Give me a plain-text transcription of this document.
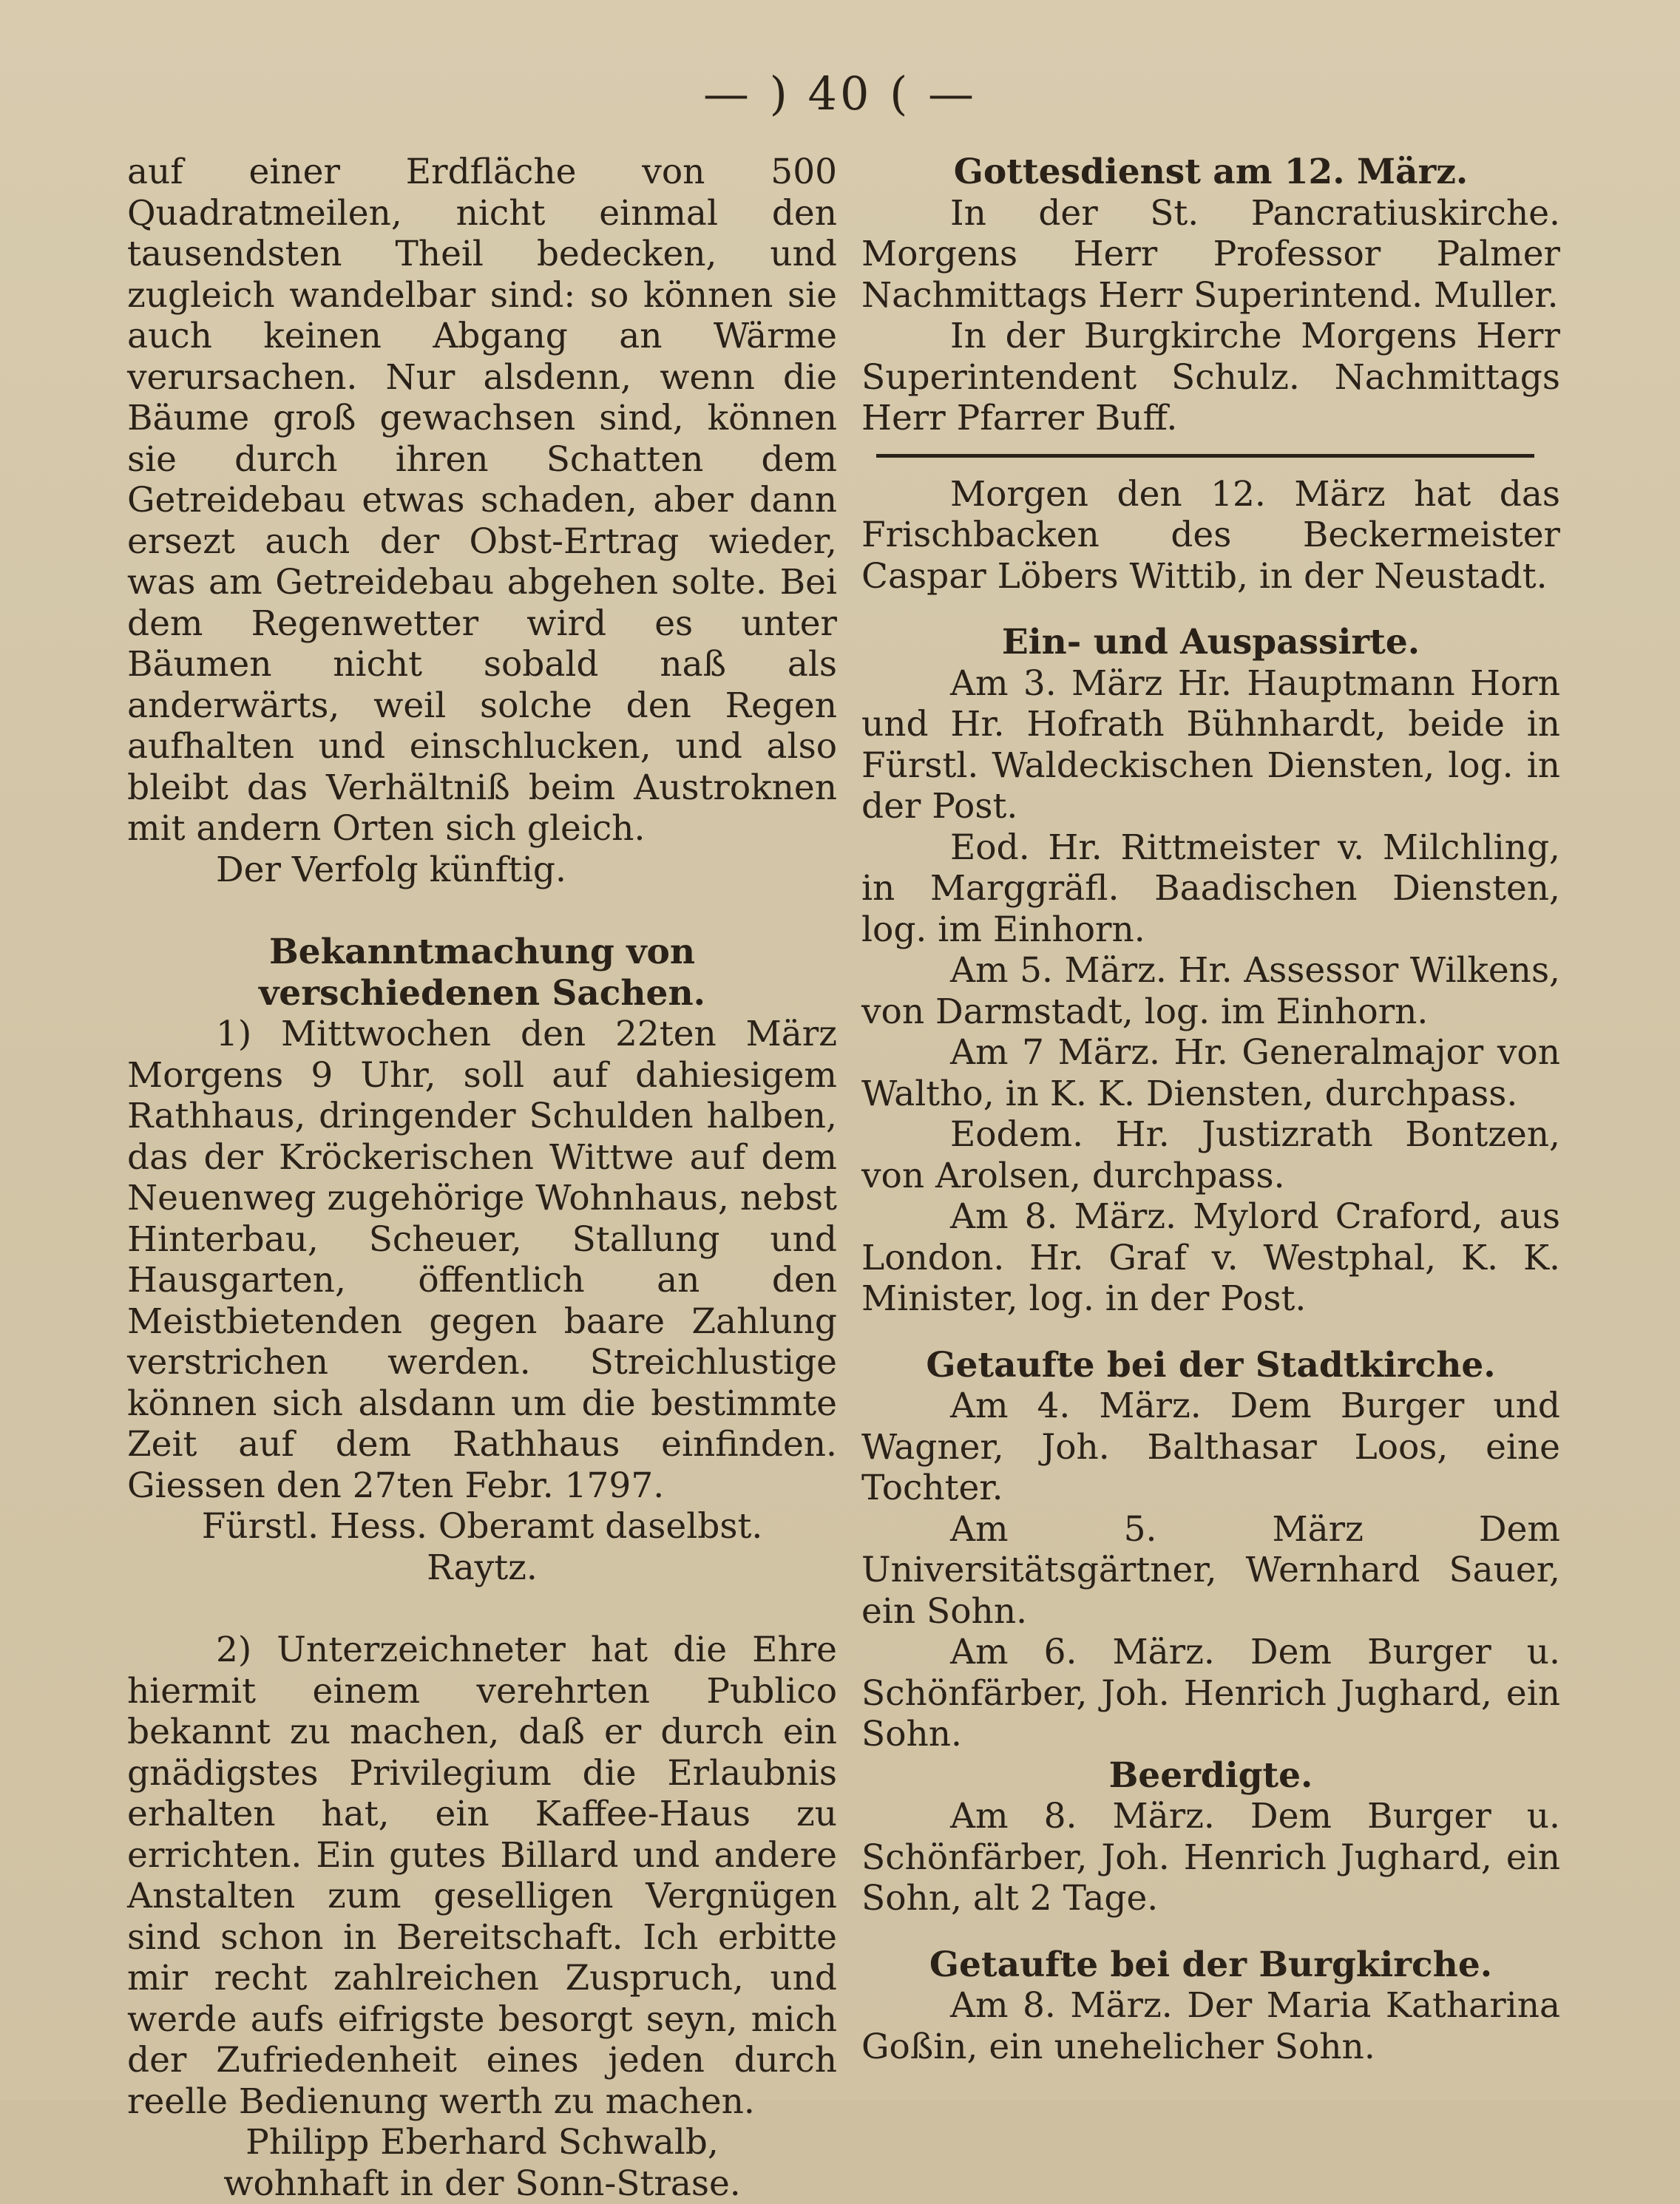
— ) 40 ( —

auf einer Erdfläche von 500 Quadratmeilen, nicht einmal den tausendsten Theil bedecken, und zugleich wandelbar sind: so können sie auch keinen Abgang an Wärme verursachen. Nur alsdenn, wenn die Bäume groß gewachsen sind, können sie durch ihren Schatten dem Getreidebau etwas schaden, aber dann ersezt auch der Obst-Ertrag wieder, was am Getreidebau abgehen solte. Bei dem Regenwetter wird es unter Bäumen nicht sobald naß als anderwärts, weil solche den Regen aufhalten und einschlucken, und also bleibt das Verhältniß beim Austroknen mit andern Orten sich gleich.

Der Verfolg künftig.

Bekanntmachung von verschiedenen Sachen.

1) Mittwochen den 22ten März Morgens 9 Uhr, soll auf dahiesigem Rathhaus, dringender Schulden halben, das der Kröckerischen Wittwe auf dem Neuenweg zugehörige Wohnhaus, nebst Hinterbau, Scheuer, Stallung und Hausgarten, öffentlich an den Meistbietenden gegen baare Zahlung verstrichen werden. Streichlustige können sich alsdann um die bestimmte Zeit auf dem Rathhaus einfinden. Giessen den 27ten Febr. 1797.

Fürstl. Hess. Oberamt daselbst.

Raytz.

2) Unterzeichneter hat die Ehre hiermit einem verehrten Publico bekannt zu machen, daß er durch ein gnädigstes Privilegium die Erlaubnis erhalten hat, ein Kaffee-Haus zu errichten. Ein gutes Billard und andere Anstalten zum geselligen Vergnügen sind schon in Bereitschaft. Ich erbitte mir recht zahlreichen Zuspruch, und werde aufs eifrigste besorgt seyn, mich der Zufriedenheit eines jeden durch reelle Bedienung werth zu machen.

Philipp Eberhard Schwalb,

wohnhaft in der Sonn-Strase.

Gottesdienst am 12. März.

In der St. Pancratiuskirche. Morgens Herr Professor Palmer Nachmittags Herr Superintend. Muller.

In der Burgkirche Morgens Herr Superintendent Schulz. Nachmittags Herr Pfarrer Buff.

Morgen den 12. März hat das Frischbacken des Beckermeister Caspar Löbers Wittib, in der Neustadt.

Ein- und Auspassirte.

Am 3. März Hr. Hauptmann Horn und Hr. Hofrath Bühnhardt, beide in Fürstl. Waldeckischen Diensten, log. in der Post.

Eod. Hr. Rittmeister v. Milchling, in Marggräfl. Baadischen Diensten, log. im Einhorn.

Am 5. März. Hr. Assessor Wilkens, von Darmstadt, log. im Einhorn.

Am 7 März. Hr. Generalmajor von Waltho, in K. K. Diensten, durchpass.

Eodem. Hr. Justizrath Bontzen, von Arolsen, durchpass.

Am 8. März. Mylord Craford, aus London. Hr. Graf v. Westphal, K. K. Minister, log. in der Post.

Getaufte bei der Stadtkirche.

Am 4. März. Dem Burger und Wagner, Joh. Balthasar Loos, eine Tochter.

Am 5. März Dem Universitätsgärtner, Wernhard Sauer, ein Sohn.

Am 6. März. Dem Burger u. Schönfärber, Joh. Henrich Jughard, ein Sohn.

Beerdigte.

Am 8. März. Dem Burger u. Schönfärber, Joh. Henrich Jughard, ein Sohn, alt 2 Tage.

Getaufte bei der Burgkirche.

Am 8. März. Der Maria Katharina Goßin, ein unehelicher Sohn.
